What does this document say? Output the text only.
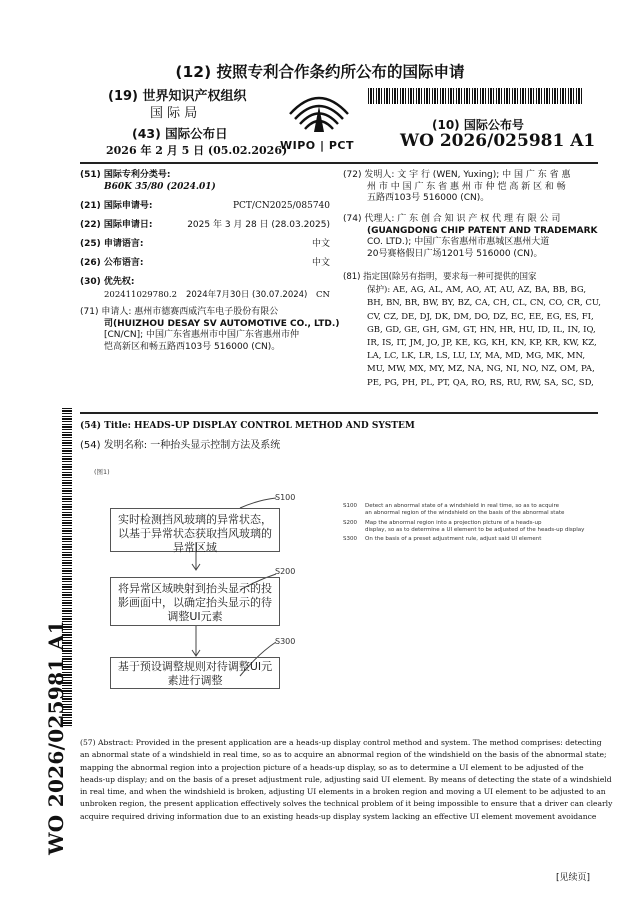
(12) 按照专利合作条约所公布的国际申请
(19) 世界知识产权组织
国 际 局
(43) 国际公布日
2026 年 2 月 5 日 (05.02.2026)
WIPO | PCT
(10) 国际公布号
WO 2026/025981 A1
(51) 国际专利分类号:
B60K 35/80 (2024.01)
(21) 国际申请号:	PCT/CN2025/085740
(22) 国际申请日:	2025 年 3 月 28 日 (28.03.2025)
(25) 申请语言:	中文
(26) 公布语言:	中文
(30) 优先权:
202411029780.2 2024年7月30日 (30.07.2024) CN
(71) 申请人: 惠州市德赛西威汽车电子股份有限公
司(HUIZHOU DESAY SV AUTOMOTIVE CO., LTD.)
[CN/CN]; 中国广东省惠州市中国广东省惠州市仲
恺高新区和畅五路西103号 516000 (CN)。
(72) 发明人: 文 宇 行 (WEN, Yuxing); 中 国 广 东 省 惠
州 市 中 国 广 东 省 惠 州 市 仲 恺 高 新 区 和 畅
五路西103号 516000 (CN)。
(74) 代理人: 广 东 创 合 知 识 产 权 代 理 有 限 公 司
(GUANGDONG CHIP PATENT AND TRADEMARK
CO. LTD.); 中国广东省惠州市惠城区惠州大道
20号赛格假日广场1201号 516000 (CN)。
(81) 指定国(除另有指明，要求每一种可提供的国家
保护): AE, AG, AL, AM, AO, AT, AU, AZ, BA, BB, BG,
BH, BN, BR, BW, BY, BZ, CA, CH, CL, CN, CO, CR, CU,
CV, CZ, DE, DJ, DK, DM, DO, DZ, EC, EE, EG, ES, FI,
GB, GD, GE, GH, GM, GT, HN, HR, HU, ID, IL, IN, IQ,
IR, IS, IT, JM, JO, JP, KE, KG, KH, KN, KP, KR, KW, KZ,
LA, LC, LK, LR, LS, LU, LY, MA, MD, MG, MK, MN,
MU, MW, MX, MY, MZ, NA, NG, NI, NO, NZ, OM, PA,
PE, PG, PH, PL, PT, QA, RO, RS, RU, RW, SA, SC, SD,
WO 2026/025981 A1
(54) Title: HEADS-UP DISPLAY CONTROL METHOD AND SYSTEM
(54) 发明名称: 一种抬头显示控制方法及系统
(图1)
S100
实时检测挡风玻璃的异常状态，以基于异常状态获取挡风玻璃的异常区域
S200
将异常区域映射到抬头显示的投影画面中，以确定抬头显示的待调整UI元素
S300
基于预设调整规则对待调整UI元素进行调整
S100 Detect an abnormal state of a windshield in real time, so as to acquire
an abnormal region of the windshield on the basis of the abnormal state
S200 Map the abnormal region into a projection picture of a heads-up
display, so as to determine a UI element to be adjusted of the heads-up display
S300 On the basis of a preset adjustment rule, adjust said UI element
(57) Abstract: Provided in the present application are a heads-up display control method and system. The method comprises: detecting
an abnormal state of a windshield in real time, so as to acquire an abnormal region of the windshield on the basis of the abnormal state;
mapping the abnormal region into a projection picture of a heads-up display, so as to determine a UI element to be adjusted of the
heads-up display; and on the basis of a preset adjustment rule, adjusting said UI element. By means of detecting the state of a windshield
in real time, and when the windshield is broken, adjusting UI elements in a broken region and moving a UI element to be adjusted to an
unbroken region, the present application effectively solves the technical problem of it being impossible to ensure that a driver can clearly
acquire required driving information due to an existing heads-up display system lacking an effective UI element movement avoidance
[见续页]
